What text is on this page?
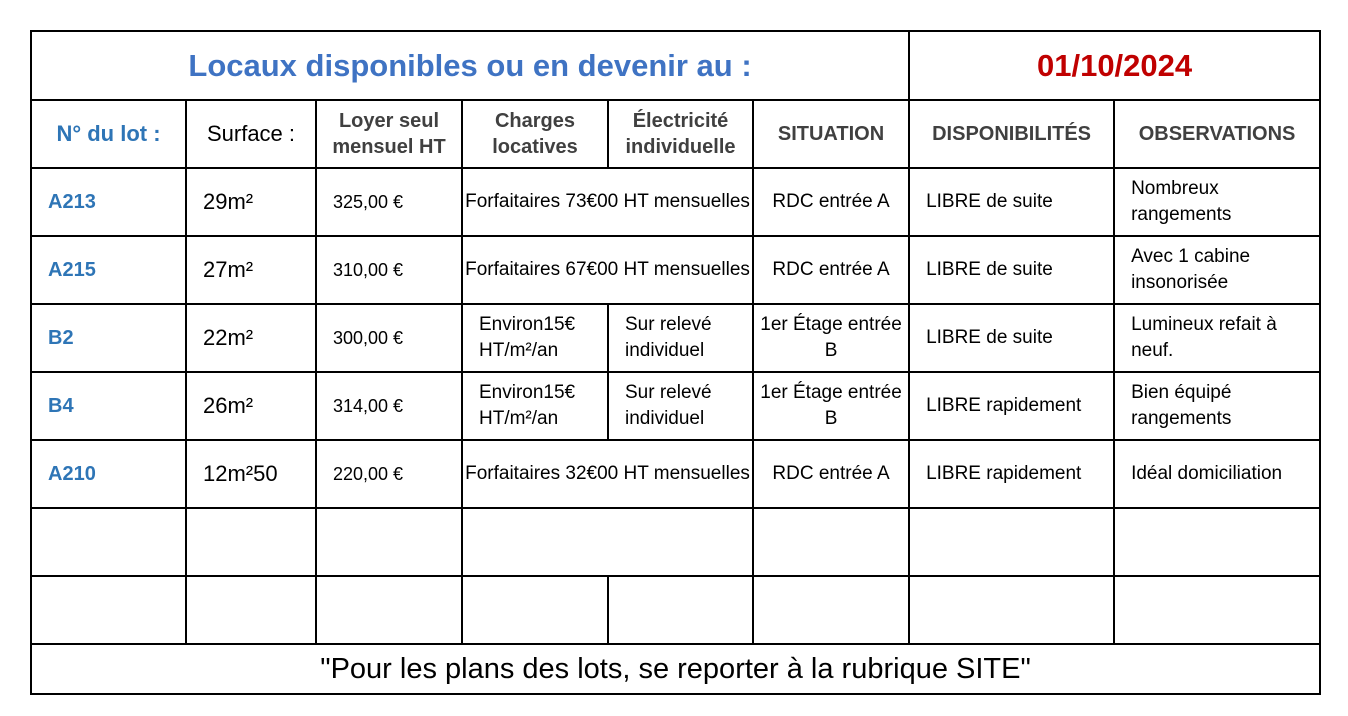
Locaux disponibles ou en devenir au :						01/10/2024	
N° du lot :	Surface :	Loyer seul mensuel HT	Charges locatives	Électricité individuelle	SITUATION	DISPONIBILITÉS	OBSERVATIONS
A213	29m²	325,00 €	Forfaitaires 73€00 HT mensuelles		RDC entrée A	LIBRE de suite	Nombreux rangements
A215	27m²	310,00 €	Forfaitaires 67€00 HT mensuelles		RDC entrée A	LIBRE de suite	Avec 1 cabine insonorisée
B2	22m²	300,00 €	Environ15€ HT/m²/an	Sur relevé individuel	1er Étage entrée B	LIBRE de suite	Lumineux refait à neuf.
B4	26m²	314,00 €	Environ15€ HT/m²/an	Sur relevé individuel	1er Étage entrée B	LIBRE rapidement	Bien équipé rangements
A210	12m²50	220,00 €	Forfaitaires 32€00 HT mensuelles		RDC entrée A	LIBRE rapidement	Idéal domiciliation

"Pour les plans des lots, se reporter à la rubrique SITE"							
